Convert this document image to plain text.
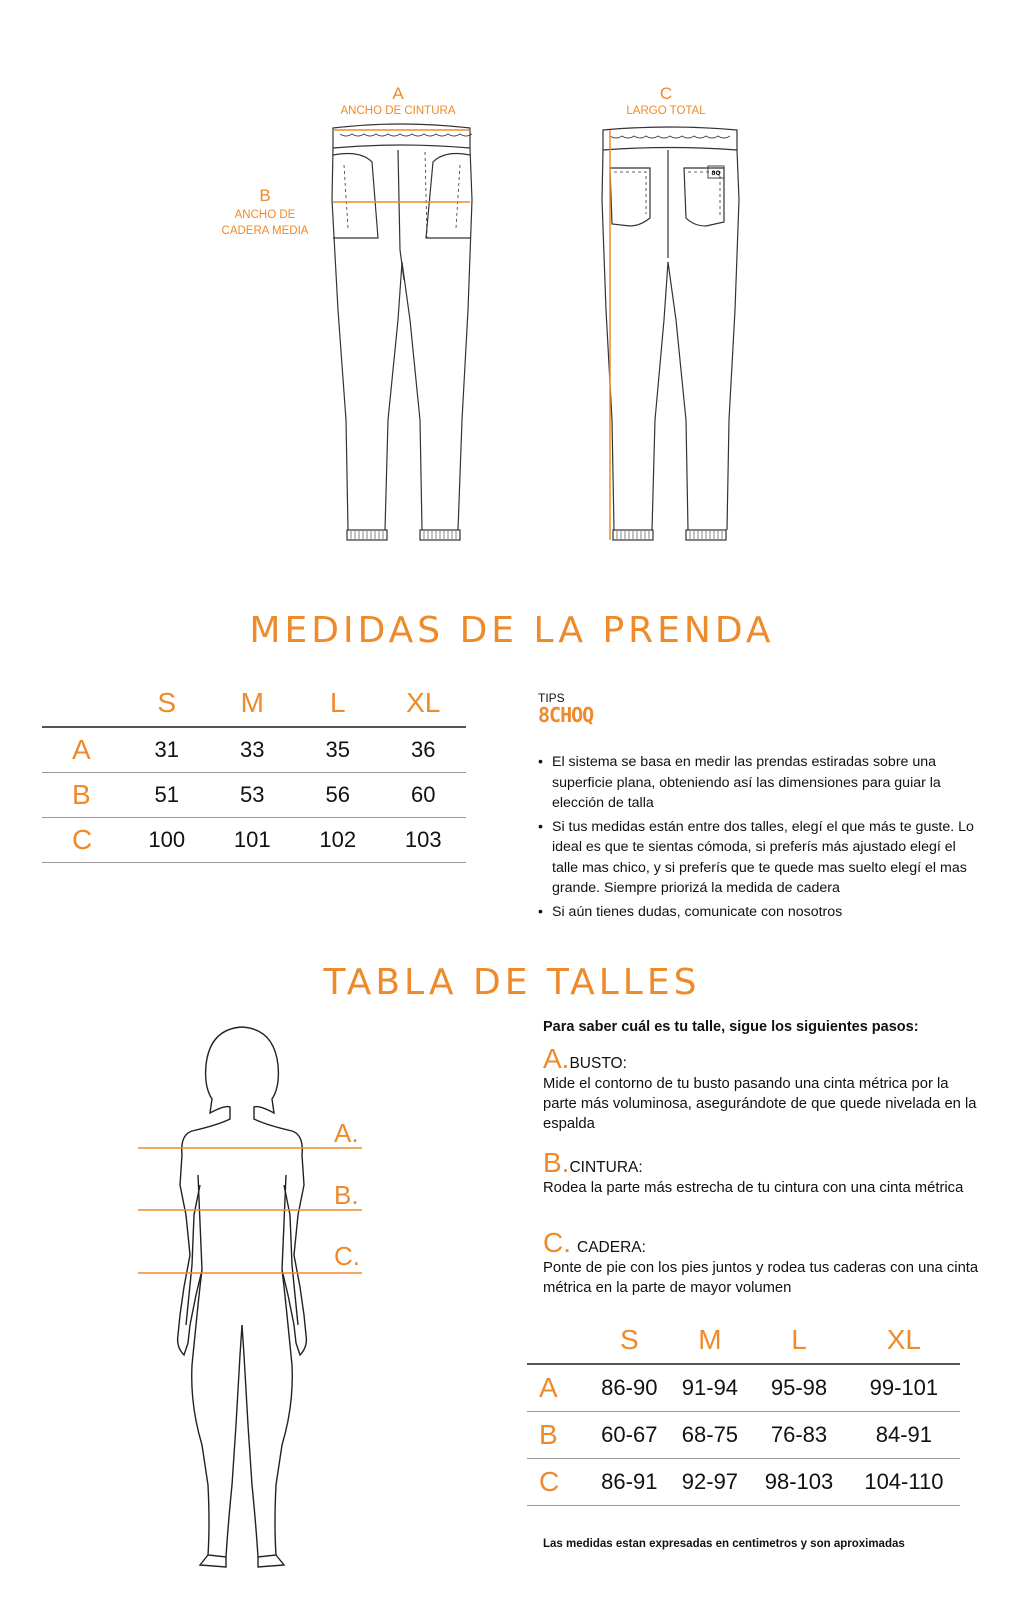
A
ANCHO DE CINTURA
B
ANCHO DE
CADERA MEDIA
C
LARGO TOTAL
8Q
MEDIDAS DE LA PRENDA
	S	M	L	XL
A	31	33	35	36
B	51	53	56	60
C	100	101	102	103
TIPS
8CHOQ
• El sistema se basa en medir las prendas estiradas sobre una superficie plana, obteniendo así las dimensiones para guiar la elección de talla
• Si tus medidas están entre dos talles, elegí el que más te guste. Lo ideal es que te sientas cómoda, si preferís más ajustado elegí el talle mas chico, y si preferís que te quede mas suelto elegí el mas grande. Siempre priorizá la medida de cadera
• Si aún tienes dudas, comunicate con nosotros
TABLA DE TALLES
A.
B.
C.
Para saber cuál es tu talle, sigue los siguientes pasos:
A.BUSTO:
Mide el contorno de tu busto pasando una cinta métrica por la parte más voluminosa, asegurándote de que quede nivelada en la espalda
B.CINTURA:
Rodea la parte más estrecha de tu cintura con una cinta métrica
C. CADERA:
Ponte de pie con los pies juntos y rodea tus caderas con una cinta métrica en la parte de mayor volumen
	S	M	L	XL
A	86-90	91-94	95-98	99-101
B	60-67	68-75	76-83	84-91
C	86-91	92-97	98-103	104-110
Las medidas estan expresadas en centimetros y son aproximadas
